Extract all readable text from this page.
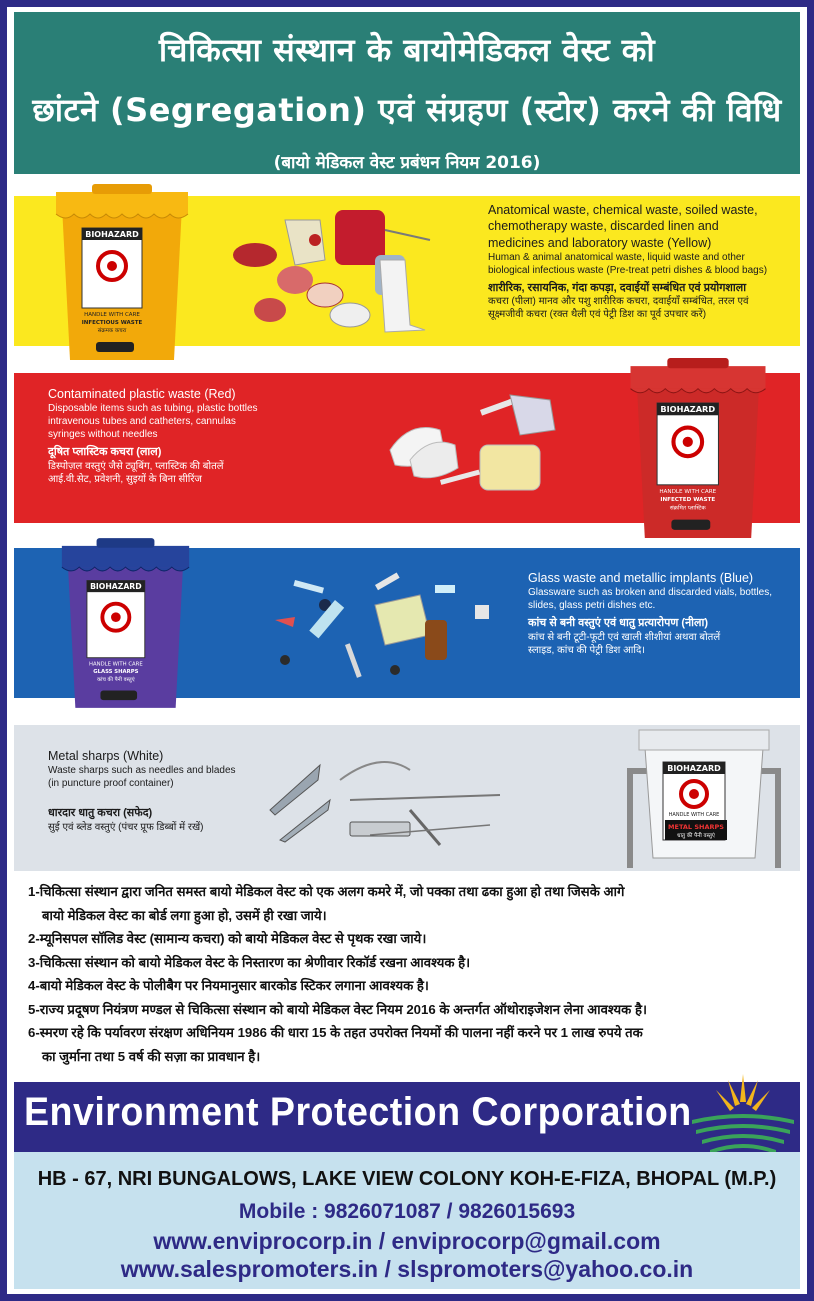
चिकित्सा संस्थान के बायोमेडिकल वेस्ट को
छांटने (Segregation) एवं संग्रहण (स्टोर) करने की विधि
(बायो मेडिकल वेस्ट प्रबंधन नियम 2016)
BIOHAZARD
HANDLE WITH CARE
INFECTIOUS WASTE
संक्रमक कचरा
Anatomical waste, chemical waste, soiled waste,
chemotherapy waste, discarded linen and
medicines and laboratory waste (Yellow)
Human & animal anatomical waste, liquid waste and other
biological infectious waste (Pre-treat petri dishes & blood bags)
शारीरिक, रसायनिक, गंदा कपड़ा, दवाईयों सम्बंधित एवं प्रयोगशाला
कचरा (पीला) मानव और पशु शारीरिक कचरा, दवाईयाँ सम्बंधित, तरल एवं
सूक्ष्मजीवी कचरा (रक्त थैली एवं पेट्री डिश का पूर्व उपचार करें)
Contaminated plastic waste (Red)
Disposable items such as tubing, plastic bottles
intravenous tubes and catheters, cannulas
syringes without needles
दूषित प्लास्टिक कचरा (लाल)
डिस्पोज़ल वस्तुएं जैसे ट्यूबिंग, प्लास्टिक की बोतलें
आई.वी.सेट, प्रवेशनी, सुइयों के बिना सीरिंज
BIOHAZARD
HANDLE WITH CARE
INFECTED WASTE
संक्रमित प्लास्टिक
BIOHAZARD
HANDLE WITH CARE
GLASS SHARPS
कांच की पैनी वस्तुएं
Glass waste and metallic implants (Blue)
Glassware such as broken and discarded vials, bottles,
slides, glass petri dishes etc.
कांच से बनी वस्तुएं एवं धातु प्रत्यारोपण (नीला)
कांच से बनी टूटी-फूटी एवं खाली शीशीयां अथवा बोतलें
स्लाइड, कांच की पेट्री डिश आदि।
Metal sharps (White)
Waste sharps such as needles and blades
(in puncture proof container)
धारदार धातु कचरा (सफेद)
सुई एवं ब्लेड वस्तुएं (पंचर प्रूफ डिब्बों में रखें)
BIOHAZARD
HANDLE WITH CARE
METAL SHARPS
धातु की पैनी वस्तुएं
1-चिकित्सा संस्थान द्वारा जनित समस्त बायो मेडिकल वेस्ट को एक अलग कमरे में, जो पक्का तथा ढका हुआ हो तथा जिसके आगे
बायो मेडिकल वेस्ट का बोर्ड लगा हुआ हो, उसमें ही रखा जाये।
2-म्यूनिसपल सॉलिड वेस्ट (सामान्य कचरा) को बायो मेडिकल वेस्ट से पृथक रखा जाये।
3-चिकित्सा संस्थान को बायो मेडिकल वेस्ट के निस्तारण का श्रेणीवार रिकॉर्ड रखना आवश्यक है।
4-बायो मेडिकल वेस्ट के पोलीबैग पर नियमानुसार बारकोड स्टिकर लगाना आवश्यक है।
5-राज्य प्रदूषण नियंत्रण मण्डल से चिकित्सा संस्थान को बायो मेडिकल वेस्ट नियम 2016 के अन्तर्गत ऑथोराइजेशन लेना आवश्यक है।
6-स्मरण रहे कि पर्यावरण संरक्षण अधिनियम 1986 की धारा 15 के तहत उपरोक्त नियमों की पालना नहीं करने पर 1 लाख रुपये तक
का जुर्माना तथा 5 वर्ष की सज़ा का प्रावधान है।
Environment Protection Corporation
HB - 67, NRI BUNGALOWS, LAKE VIEW COLONY KOH-E-FIZA, BHOPAL (M.P.)
Mobile : 9826071087 / 9826015693
www.enviprocorp.in / enviprocorp@gmail.com
www.salespromoters.in / slspromoters@yahoo.co.in
